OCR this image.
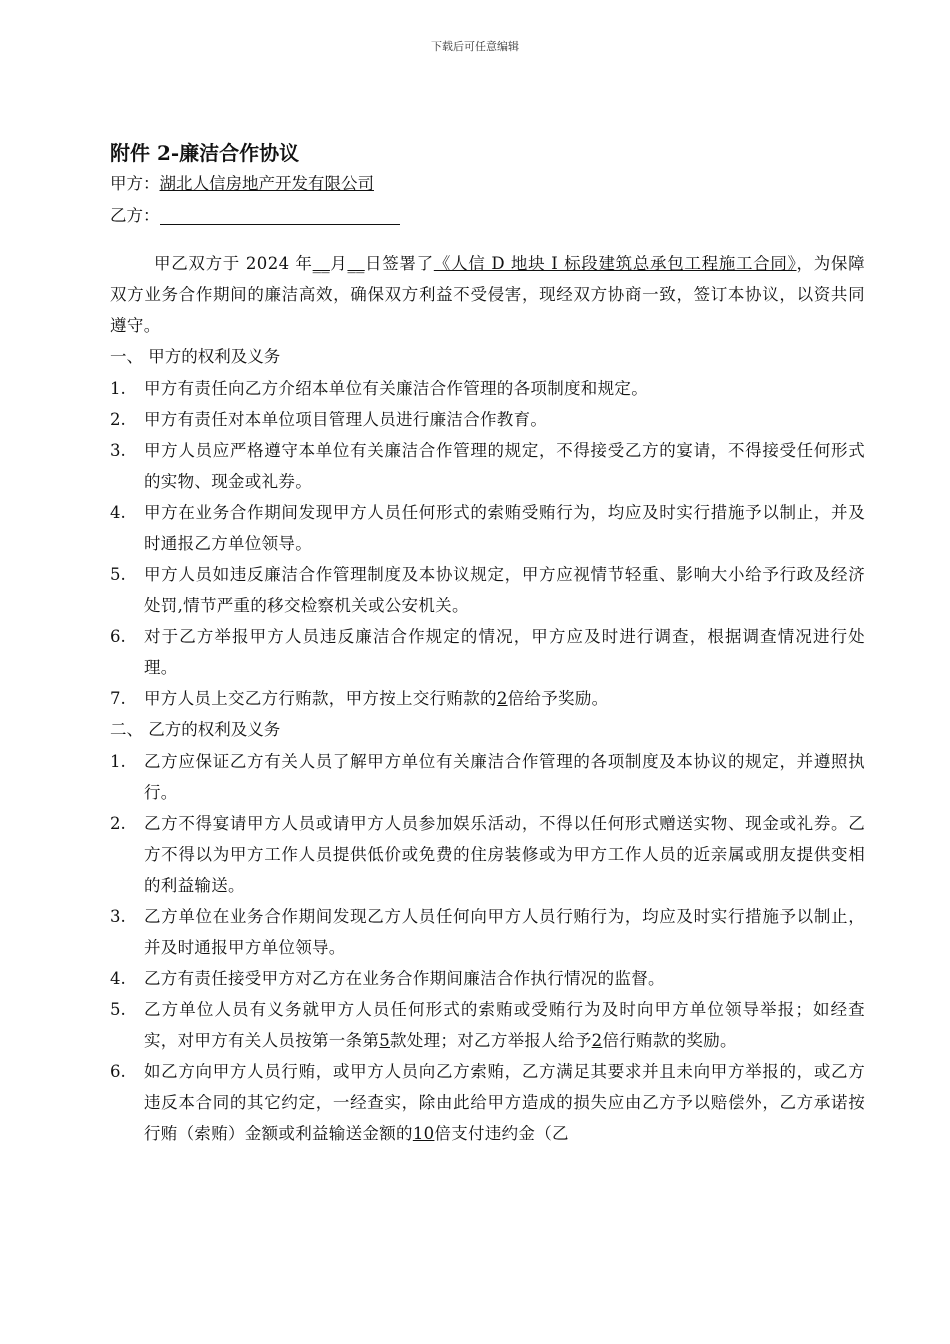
下载后可任意编辑
附件 2-廉洁合作协议
甲方：湖北人信房地产开发有限公司
乙方：

甲乙双方于 2024 年__月__日签署了《人信 D 地块 I 标段建筑总承包工程施工合同》，为保障双方业务合作期间的廉洁高效，确保双方利益不受侵害，现经双方协商一致，签订本协议，以资共同遵守。

一、 甲方的权利及义务

1.	甲方有责任向乙方介绍本单位有关廉洁合作管理的各项制度和规定。
2.	甲方有责任对本单位项目管理人员进行廉洁合作教育。
3.	甲方人员应严格遵守本单位有关廉洁合作管理的规定，不得接受乙方的宴请，不得接受任何形式的实物、现金或礼券。
4.	甲方在业务合作期间发现甲方人员任何形式的索贿受贿行为，均应及时实行措施予以制止，并及时通报乙方单位领导。
5.	甲方人员如违反廉洁合作管理制度及本协议规定，甲方应视情节轻重、影响大小给予行政及经济处罚,情节严重的移交检察机关或公安机关。
6.	对于乙方举报甲方人员违反廉洁合作规定的情况，甲方应及时进行调查，根据调查情况进行处理。
7.	甲方人员上交乙方行贿款，甲方按上交行贿款的2倍给予奖励。

二、 乙方的权利及义务

1.	乙方应保证乙方有关人员了解甲方单位有关廉洁合作管理的各项制度及本协议的规定，并遵照执行。
2.	乙方不得宴请甲方人员或请甲方人员参加娱乐活动，不得以任何形式赠送实物、现金或礼券。乙方不得以为甲方工作人员提供低价或免费的住房装修或为甲方工作人员的近亲属或朋友提供变相的利益输送。
3.	乙方单位在业务合作期间发现乙方人员任何向甲方人员行贿行为，均应及时实行措施予以制止，并及时通报甲方单位领导。
4.	乙方有责任接受甲方对乙方在业务合作期间廉洁合作执行情况的监督。
5.	乙方单位人员有义务就甲方人员任何形式的索贿或受贿行为及时向甲方单位领导举报；如经查实，对甲方有关人员按第一条第5款处理；对乙方举报人给予2倍行贿款的奖励。
6.	如乙方向甲方人员行贿，或甲方人员向乙方索贿，乙方满足其要求并且未向甲方举报的，或乙方违反本合同的其它约定，一经查实，除由此给甲方造成的损失应由乙方予以赔偿外，乙方承诺按行贿（索贿）金额或利益输送金额的10倍支付违约金（乙
